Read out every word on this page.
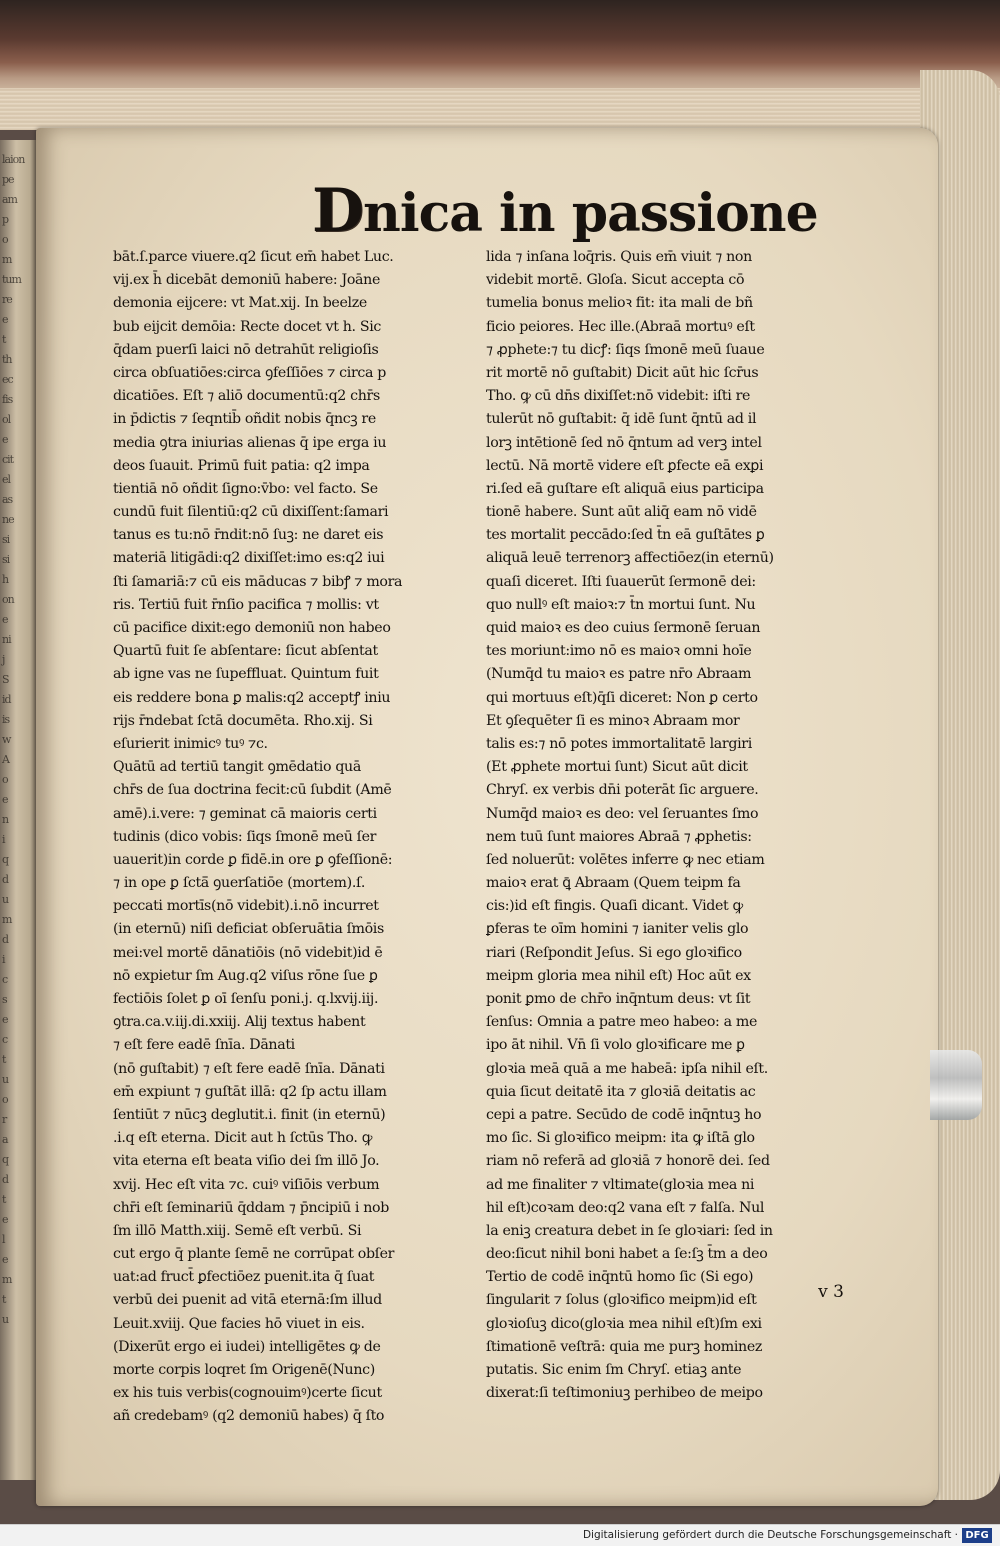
laion
pe
am
p
o
m
tum
re
e
t
th
ec
fis
ol
e
cit
el
as
ne
si
si
h
on
e
ni
j
S
id
is
w
A
o
e
n
i
q
d
u
m
d
i
c
s
e
c
t
u
o
r
a
q
d
t
e
l
e
m
t
u
Dnica in passione
bāt.ſ.parce viuere.q2 ſicut em̄ habet Luc.
vij.ex h̄ dicebāt demoniū habere: Joāne
demonia eijcere: vt Mat.xij. In beelze
bub eijcit demōia: Recte docet vt h. Sic
q̄dam puerſi laici nō detrahūt religioſis
circa obſuatiōes:circa ꝯfeſſiōes ⁊ circa p
dicatiōes. Eſt ⁊ aliō documentū:q2 chr̄s
in p̄dictis ⁊ ſeqntib̄ oñdit nobis q̄ncꝫ re
media ꝯtra iniurias alienas q̄ ipe erga iu
deos ſuauit. Primū fuit patia: q2 impa
tientiā nō oñdit ſigno:v̄bo: vel facto. Se
cundū fuit ſilentiū:q2 cū dixiſſent:ſamari
tanus es tu:nō r̄ndit:nō ſuꝫ: ne daret eis
materiā litigādi:q2 dixiſſet:imo es:q2 iui
ſti ſamariā:⁊ cū eis māducas ⁊ bibꝭ ⁊ mora
ris. Tertiū fuit r̄nſio pacifica ⁊ mollis: vt
cū pacifice dixit:ego demoniū non habeo
Quartū fuit ſe abſentare: ſicut abſentat
ab igne vas ne ſupeffluat. Quintum fuit
eis reddere bona ꝑ malis:q2 acceptꝭ iniu
rijs r̄ndebat ſctā documēta. Rho.xij. Si
eſurierit inimicꝰ tuꝰ ⁊c.
Quātū ad tertiū tangit ꝯmēdatio quā
chr̄s de ſua doctrina fecit:cū ſubdit (Amē
amē).i.vere: ⁊ geminat cā maioris certi
tudinis (dico vobis: ſiqs ſmonē meū ſer
uauerit)in corde ꝑ fidē.in ore ꝑ ꝯfeſſionē:
⁊ in ope ꝑ ſctā̄ ꝯuerſatiōe (mortem).ſ.
peccati mortīs(nō videbit).i.nō incurret
(in eternū) niſi deficiat obſeruātia ſmōis
mei:vel mortē dānatiōis (nō videbit)id ē
nō expietur ſm Aug.q2 viſus rōne ſue ꝑ
fectiōis ſolet ꝑ oī ſenſu poni.j. q.lxvij.iij.
ꝯtra.ca.v.iij.di.xxiij. Alij textus habent
⁊ eſt fere eadē ſnīa. Dānati
(nō guſtabit) ⁊ eſt fere eadē ſnīa. Dānati
em̄ expiunt ⁊ guſtāt illā: q2 ſp actu illam
ſentiūt ⁊ nūcꝫ deglutit.i. finit (in eternū)
.i.q eſt eterna. Dicit aut h ſctūs Tho. ꝙ
vita eterna eſt beata viſio dei ſm illō Jo.
xvij. Hec eſt vita ⁊c. cuiꝰ viſiōis verbum
chr̄i eſt ſeminariū q̄ddam ⁊ p̄ncipiū i nob
ſm illō Matth.xiij. Semē eſt verbū. Si
cut ergo q̄ plante ſemē ne corrūpat obſer
uat:ad fruct̄ ꝑfectiōez puenit.ita q̄ ſuat
verbū dei puenit ad vitā eternā:ſm illud
Leuit.xviij. Que facies hō viuet in eis.
(Dixerūt ergo ei iudei) intelligētes ꝙ de
morte corpis loqret ſm Origenē(Nunc)
ex his tuis verbis(cognouimꝰ)certe ſicut
añ credebamꝰ (q2 demoniū habes) q̄ ſto
lida ⁊ inſana loq̄ris. Quis em̄ viuit ⁊ non
videbit mortē. Gloſa. Sicut accepta cō
tumelia bonus melioꝛ fit: ita mali de bñ
ficio peiores. Hec ille.(Abraā mortuꝰ eſt
⁊ ꝓphete:⁊ tu dicꝭ: ſiqs ſmonē meū ſuaue
rit mortē nō guſtabit) Dicit aūt hic ſcr̄us
Tho. ꝙ cū dn̄s dixiſſet:nō videbit: iſti re
tulerūt nō guſtabit: q̄ idē ſunt q̄ntū ad il
lorꝫ intētionē ſed nō q̄ntum ad verꝫ intel
lectū. Nā mortē videre eſt ꝑfecte eā exꝑi
ri.ſed eā guſtare eſt aliquā eius participa
tionē habere. Sunt aūt aliq̄ eam nō vidē
tes mortalit peccādo:ſed t̄n eā guſtātes ꝑ
aliquā leuē terrenorꝫ affectiōez(in eternū)
quaſi diceret. Iſti ſuauerūt ſermonē dei:
quo nullꝰ eſt maioꝛ:⁊ t̄n mortui ſunt. Nu
quid maioꝛ es deo cuius ſermonē ſeruan
tes moriunt:imo nō es maioꝛ omni hoīe
(Numq̄d tu maioꝛ es patre nr̄o Abraam
qui mortuus eſt)q̄ſi diceret: Non ꝑ certo
Et ꝯſequēter ſi es minoꝛ Abraam mor
talis es:⁊ nō potes immortalitatē largiri
(Et ꝓphete mortui ſunt) Sicut aūt dicit
Chryſ. ex verbis dn̄i poterāt ſic arguere.
Numq̄d maioꝛ es deo: vel ſeruantes ſmo
nem tuū ſunt maiores Abraā ⁊ ꝓphetis:
ſed noluerūt: volētes inferre ꝙ nec etiam
maioꝛ erat ꝗ̄ Abraam (Quem teipm fa
cis:)id eſt fingis. Quaſi dicant. Videt ꝙ
ꝑferas te oīm homini ⁊ ianiter velis glo
riari (Reſpondit Jeſus. Si ego gloꝛifico
meipm gloria mea nihil eſt) Hoc aūt ex
ponit ꝑmo de chr̄o inq̄ntum deus: vt ſit
ſenſus: Omnia a patre meo habeo: a me
ipo āt nihil. Vn̄ ſi volo gloꝛificare me ꝑ
gloꝛia meā quā a me habeā: ipſa nihil eſt.
quia ſicut deitatē ita ⁊ gloꝛiā deitatis ac
cepi a patre. Secūdo de codē inq̄ntuꝫ ho
mo ſic. Si gloꝛifico meipm: ita ꝙ iſtā glo
riam nō referā ad gloꝛiā ⁊ honorē dei. ſed
ad me finaliter ⁊ vltimate(gloꝛia mea ni
hil eſt)coꝛam deo:q2 vana eſt ⁊ falſa. Nul
la eniꝫ creatura debet in ſe gloꝛiari: ſed in
deo:ſicut nihil boni habet a ſe:ſꝫ t̄m a deo
Tertio de codē inq̄ntū homo ſic (Si ego)
ſingularit ⁊ ſolus (gloꝛifico meipm)id eſt
gloꝛioſuꝫ dico(gloꝛia mea nihil eſt)ſm exi
ſtimationē veſtrā: quia me purꝫ hominez
putatis. Sic enim ſm Chryſ. etiaꝫ ante
dixerat:ſi teſtimoniuꝫ perhibeo de meipo
v 3
Digitalisierung gefördert durch die Deutsche Forschungsgemeinschaft · DFG
